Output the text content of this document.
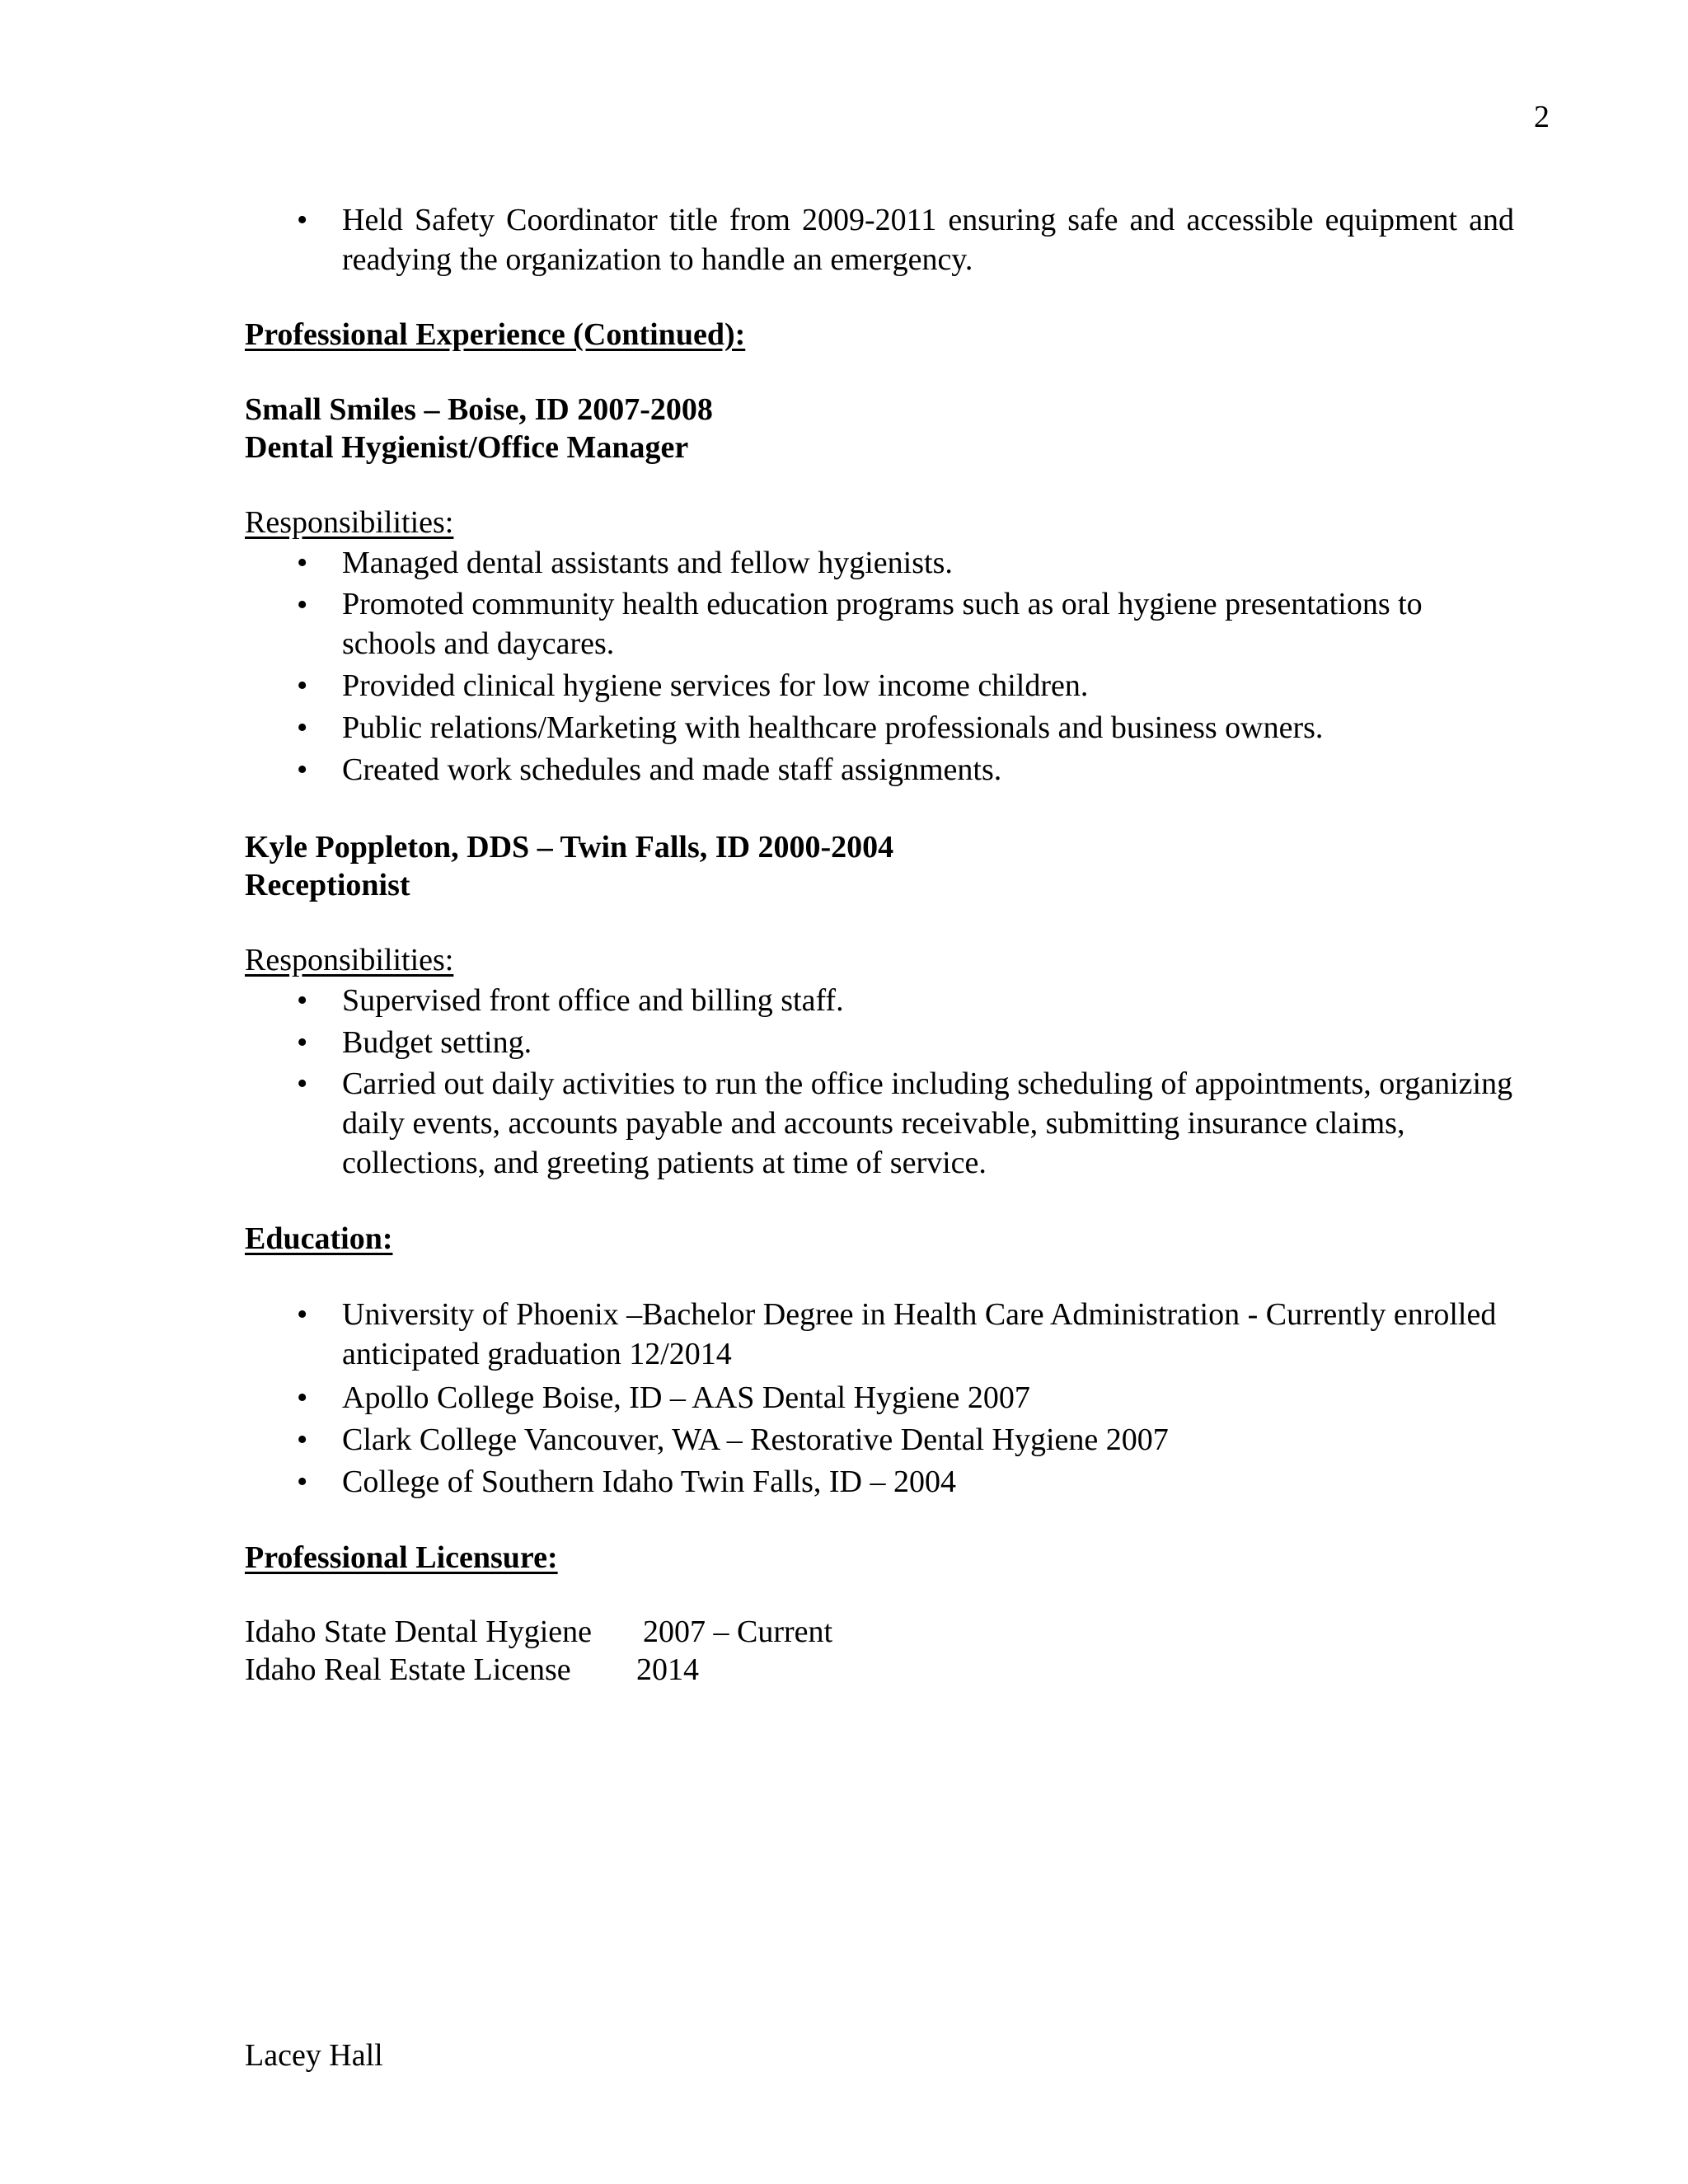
2
• Held Safety Coordinator title from 2009-2011 ensuring safe and accessible equipment and readying the organization to handle an emergency.
Professional Experience (Continued):
Small Smiles – Boise, ID 2007-2008
Dental Hygienist/Office Manager
Responsibilities:
• Managed dental assistants and fellow hygienists.
• Promoted community health education programs such as oral hygiene presentations to schools and daycares.
• Provided clinical hygiene services for low income children.
• Public relations/Marketing with healthcare professionals and business owners.
• Created work schedules and made staff assignments.
Kyle Poppleton, DDS – Twin Falls, ID 2000-2004
Receptionist
Responsibilities:
• Supervised front office and billing staff.
• Budget setting.
• Carried out daily activities to run the office including scheduling of appointments, organizing daily events, accounts payable and accounts receivable, submitting insurance claims, collections, and greeting patients at time of service.
Education:
• University of Phoenix –Bachelor Degree in Health Care Administration - Currently enrolled anticipated graduation 12/2014
• Apollo College Boise, ID – AAS Dental Hygiene 2007
• Clark College Vancouver, WA – Restorative Dental Hygiene 2007
• College of Southern Idaho Twin Falls, ID – 2004
Professional Licensure:
Idaho State Dental Hygiene 2007 – Current
Idaho Real Estate License 2014
Lacey Hall
